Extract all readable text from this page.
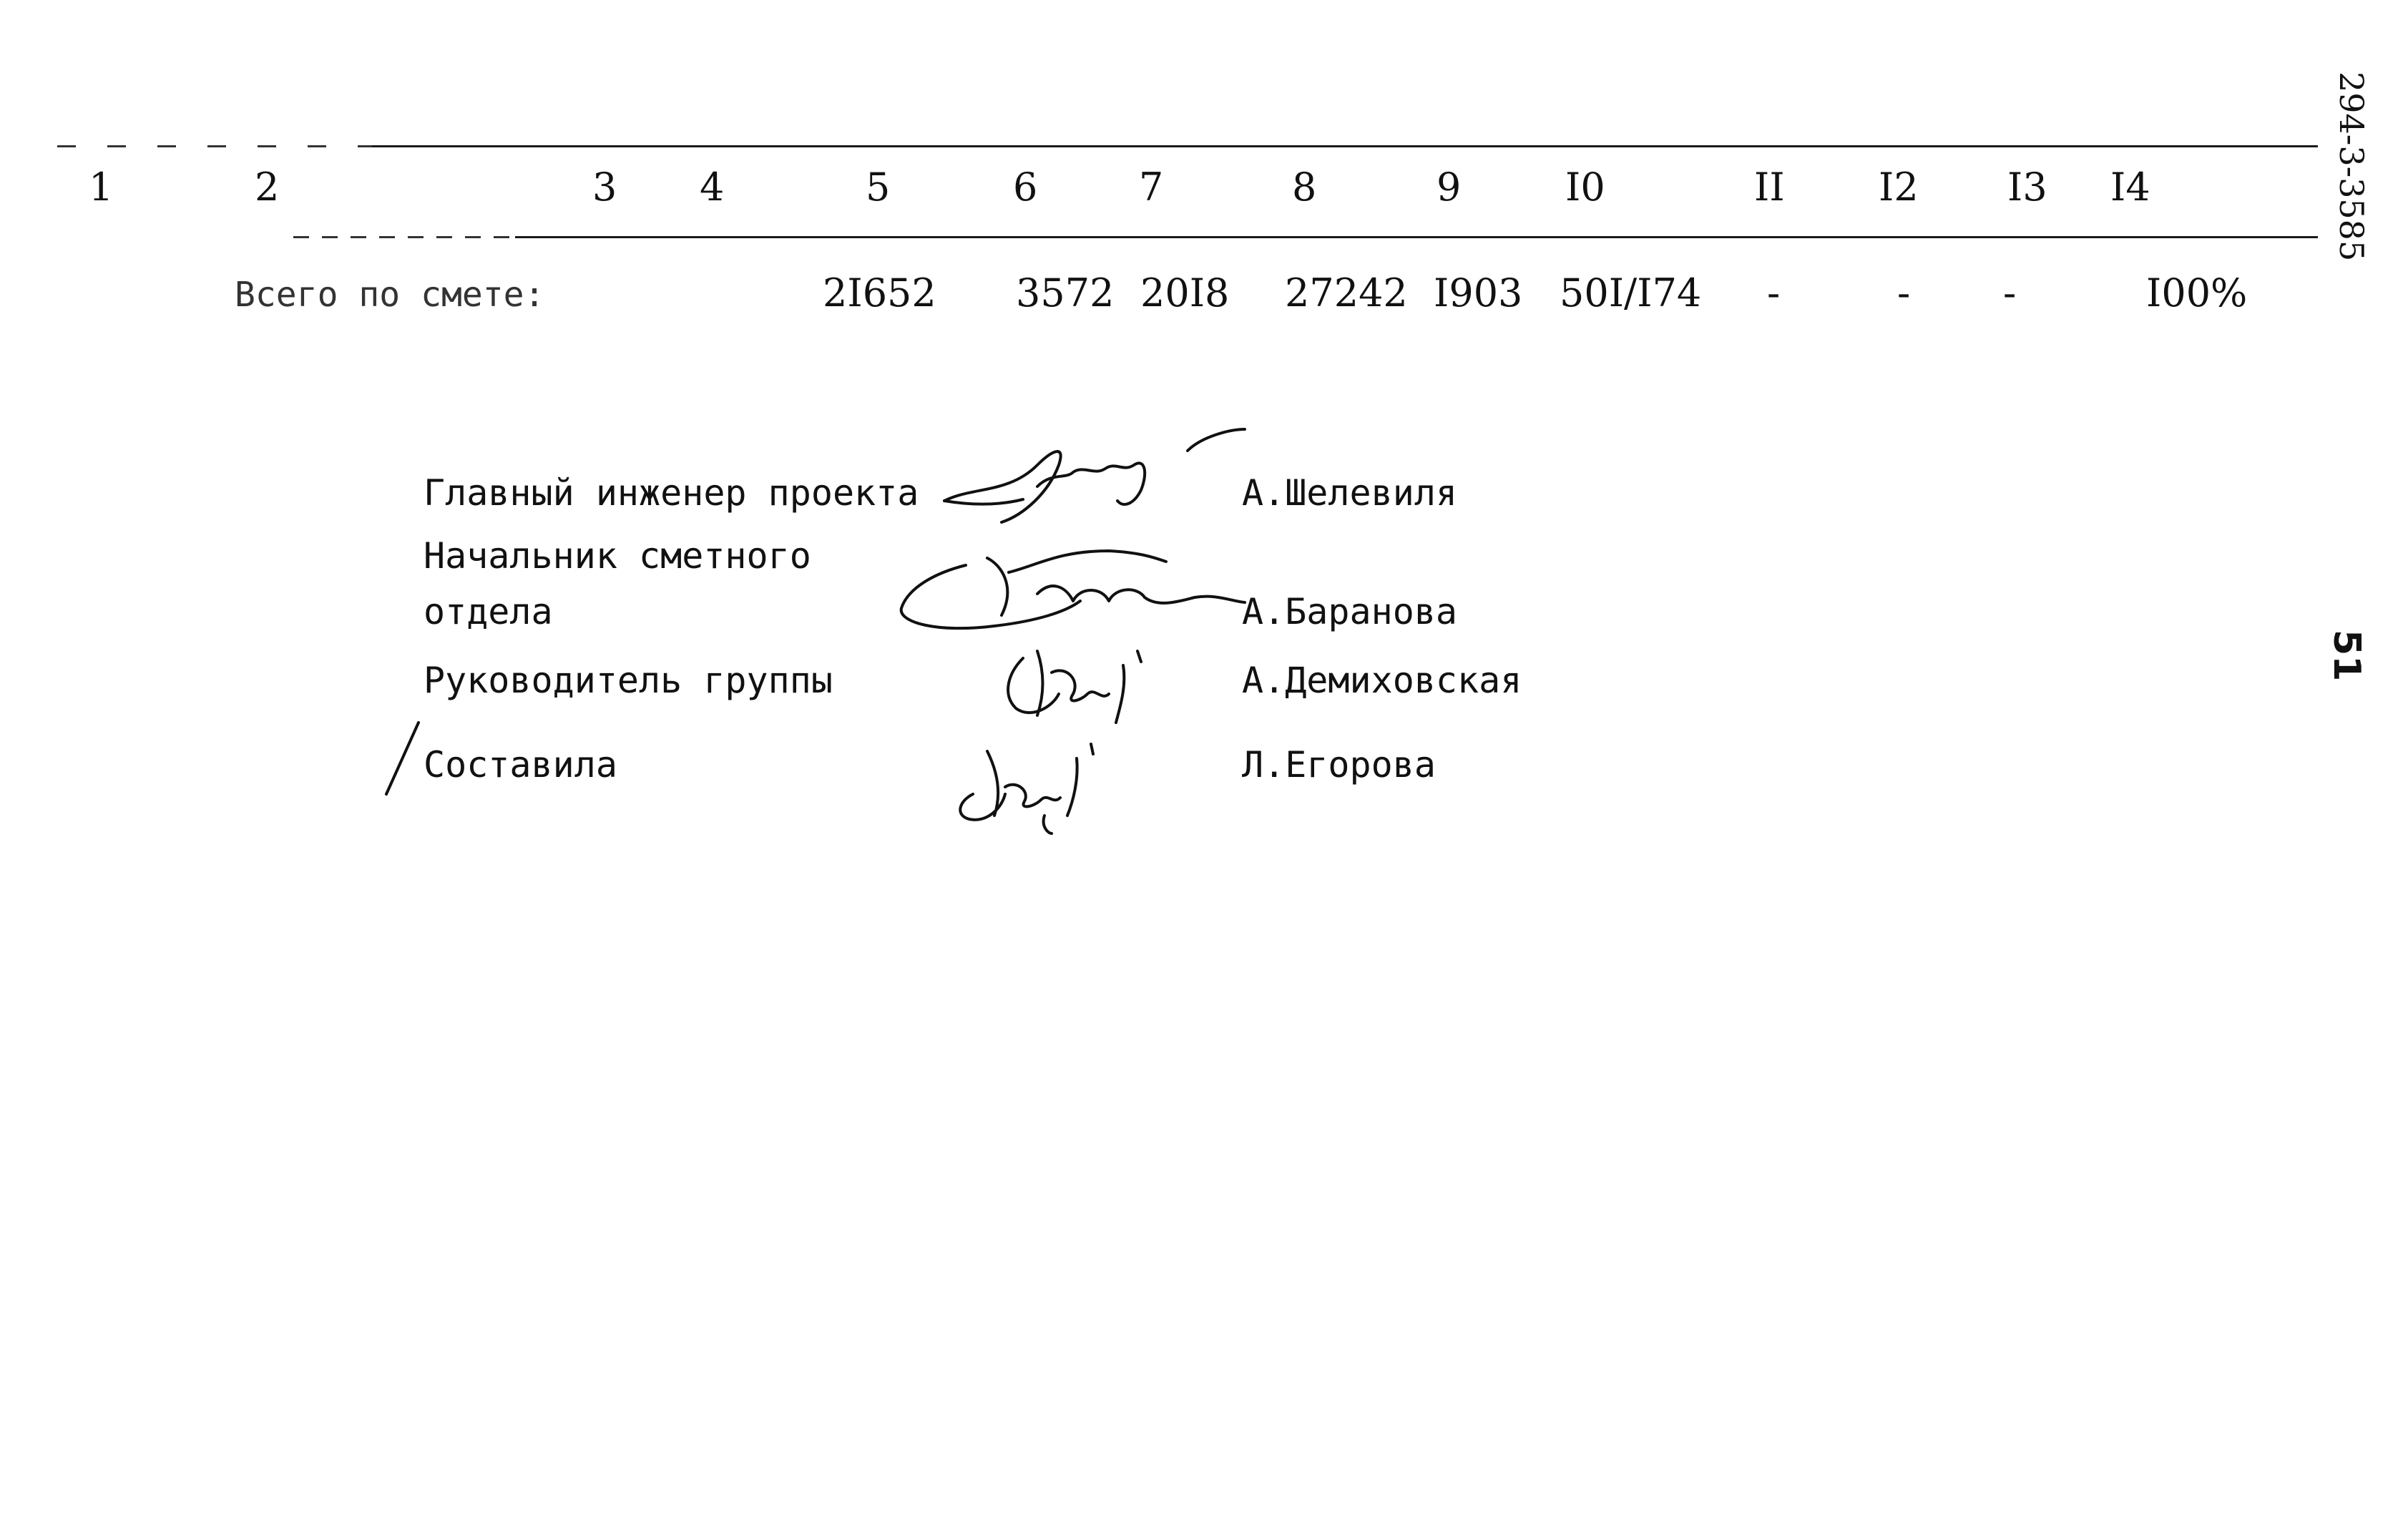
294-3-3585
1	2	3 4	5	6	7	8	9	I0	II I2 I3 I4
Всего по смете:	2I652 3572 20I8 27242 I903 50I/I74 -	- -	I00%
Главный инженер проекта	А.Шелевиля
Начальник сметного
отдела	А.Баранова
Руководитель группы	А.Демиховская
Составила	Л.Егорова
51
